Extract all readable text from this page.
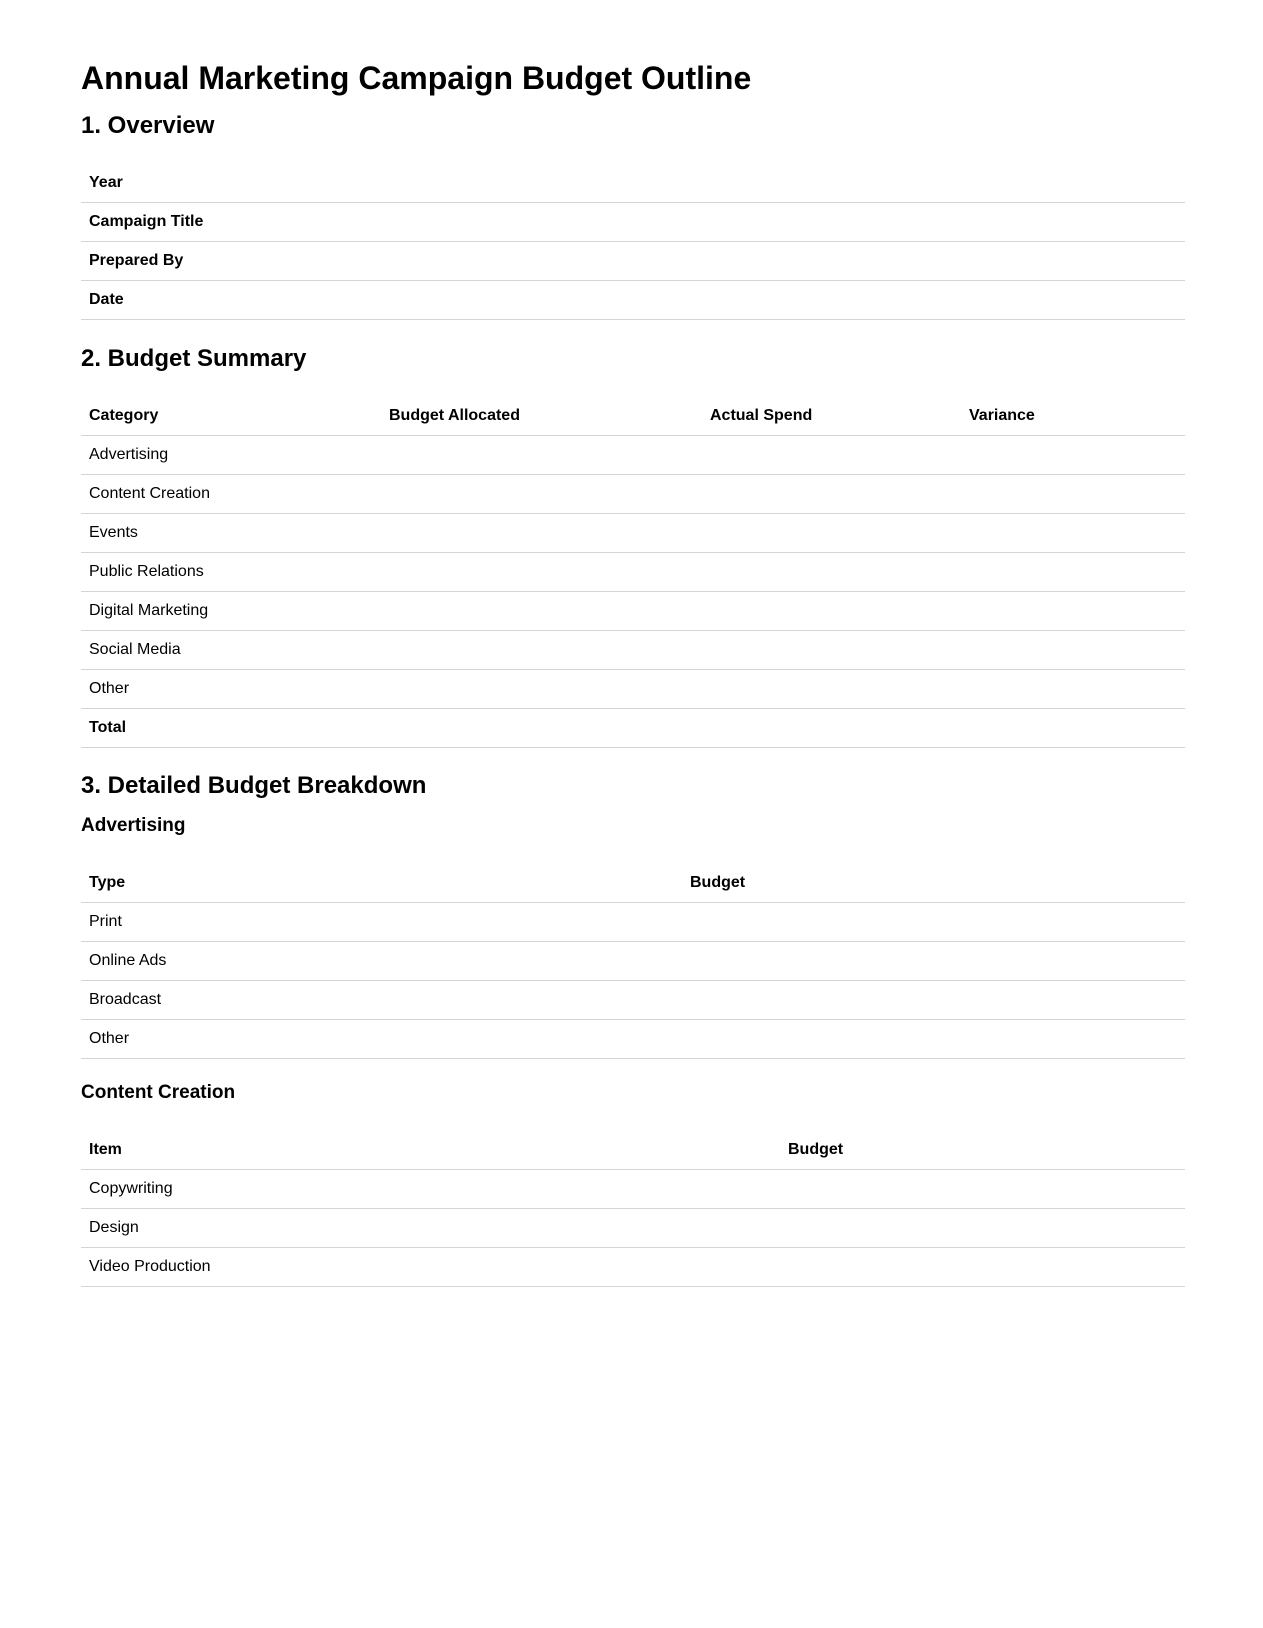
Annual Marketing Campaign Budget Outline
1. Overview
Year
Campaign Title
Prepared By
Date
2. Budget Summary
Category	Budget Allocated	Actual Spend	Variance
Advertising			
Content Creation			
Events			
Public Relations			
Digital Marketing			
Social Media			
Other			
Total			
3. Detailed Budget Breakdown
Advertising
Type	Budget
Print	
Online Ads	
Broadcast	
Other	
Content Creation
Item	Budget
Copywriting	
Design	
Video Production	
